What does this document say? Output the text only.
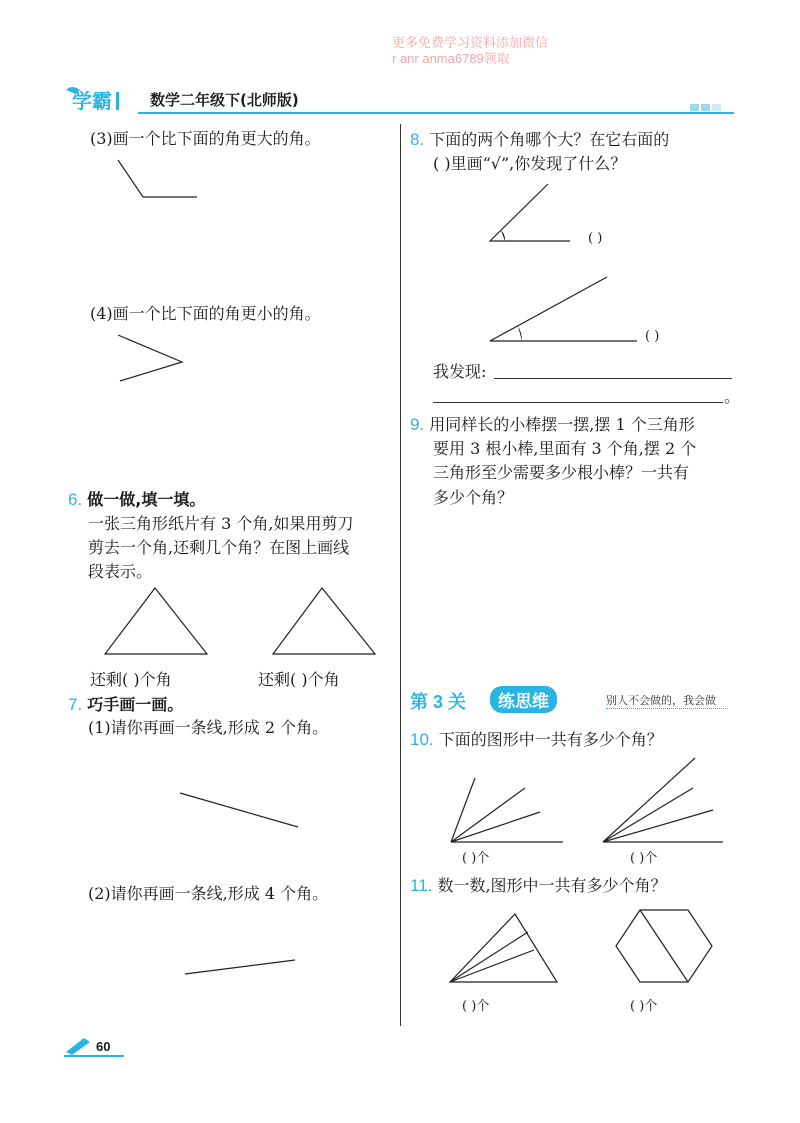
更多免费学习资料添加微信
r anr anma6789领取
学霸	数学二年级下(北师版)
(3)画一个比下面的角更大的角。
(4)画一个比下面的角更小的角。
6. 做一做,填一填。
一张三角形纸片有 3 个角,如果用剪刀
剪去一个角,还剩几个角？在图上画线
段表示。
还剩( )个角	还剩( )个角
7. 巧手画一画。
(1)请你再画一条线,形成 2 个角。
(2)请你再画一条线,形成 4 个角。
8. 下面的两个角哪个大？在它右面的
( )里画“√”,你发现了什么？
( )
( )
我发现:
。
9. 用同样长的小棒摆一摆,摆 1 个三角形
要用 3 根小棒,里面有 3 个角,摆 2 个
三角形至少需要多少根小棒？一共有
多少个角？
第 3 关	练思维	别人不会做的，我会做
10. 下面的图形中一共有多少个角？
( )个	( )个
11. 数一数,图形中一共有多少个角？
( )个	( )个
60
